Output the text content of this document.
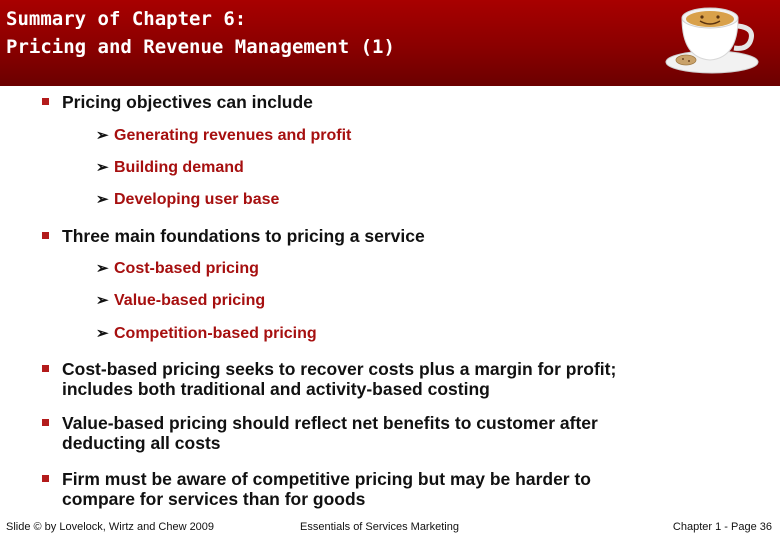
Summary of Chapter 6:
Pricing and Revenue Management (1)
Pricing objectives can include
➢ Generating revenues and profit
➢ Building demand
➢ Developing user base
Three main foundations to pricing a service
➢ Cost-based pricing
➢ Value-based pricing
➢ Competition-based pricing
Cost-based pricing seeks to recover costs plus a margin for profit;
includes both traditional and activity-based costing
Value-based pricing should reflect net benefits to customer after
deducting all costs
Firm must be aware of competitive pricing but may be harder to
compare for services than for goods
Slide © by Lovelock, Wirtz and Chew 2009	Essentials of Services Marketing	Chapter 1 - Page 36
